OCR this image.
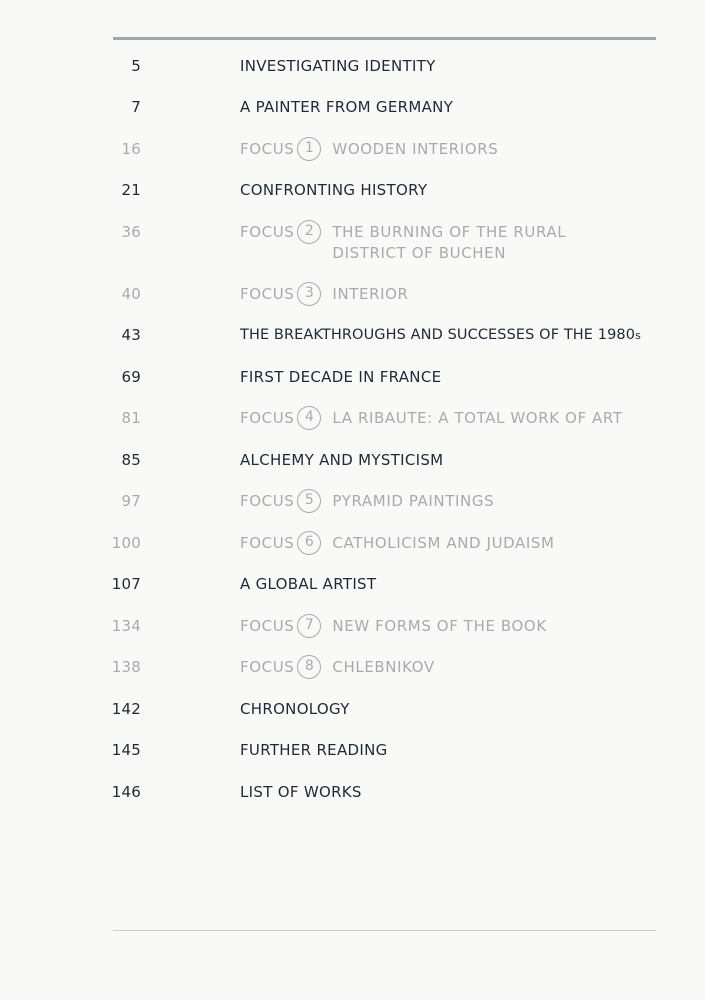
5	INVESTIGATING IDENTITY
7	A PAINTER FROM GERMANY
16	FOCUS 1	WOODEN INTERIORS
21	CONFRONTING HISTORY
36	FOCUS 2	THE BURNING OF THE RURAL
DISTRICT OF BUCHEN
40	FOCUS 3	INTERIOR
43	THE BREAKTHROUGHS AND SUCCESSES OF THE 1980s
69	FIRST DECADE IN FRANCE
81	FOCUS 4	LA RIBAUTE: A TOTAL WORK OF ART
85	ALCHEMY AND MYSTICISM
97	FOCUS 5	PYRAMID PAINTINGS
100	FOCUS 6	CATHOLICISM AND JUDAISM
107	A GLOBAL ARTIST
134	FOCUS 7	NEW FORMS OF THE BOOK
138	FOCUS 8	CHLEBNIKOV
142	CHRONOLOGY
145	FURTHER READING
146	LIST OF WORKS
